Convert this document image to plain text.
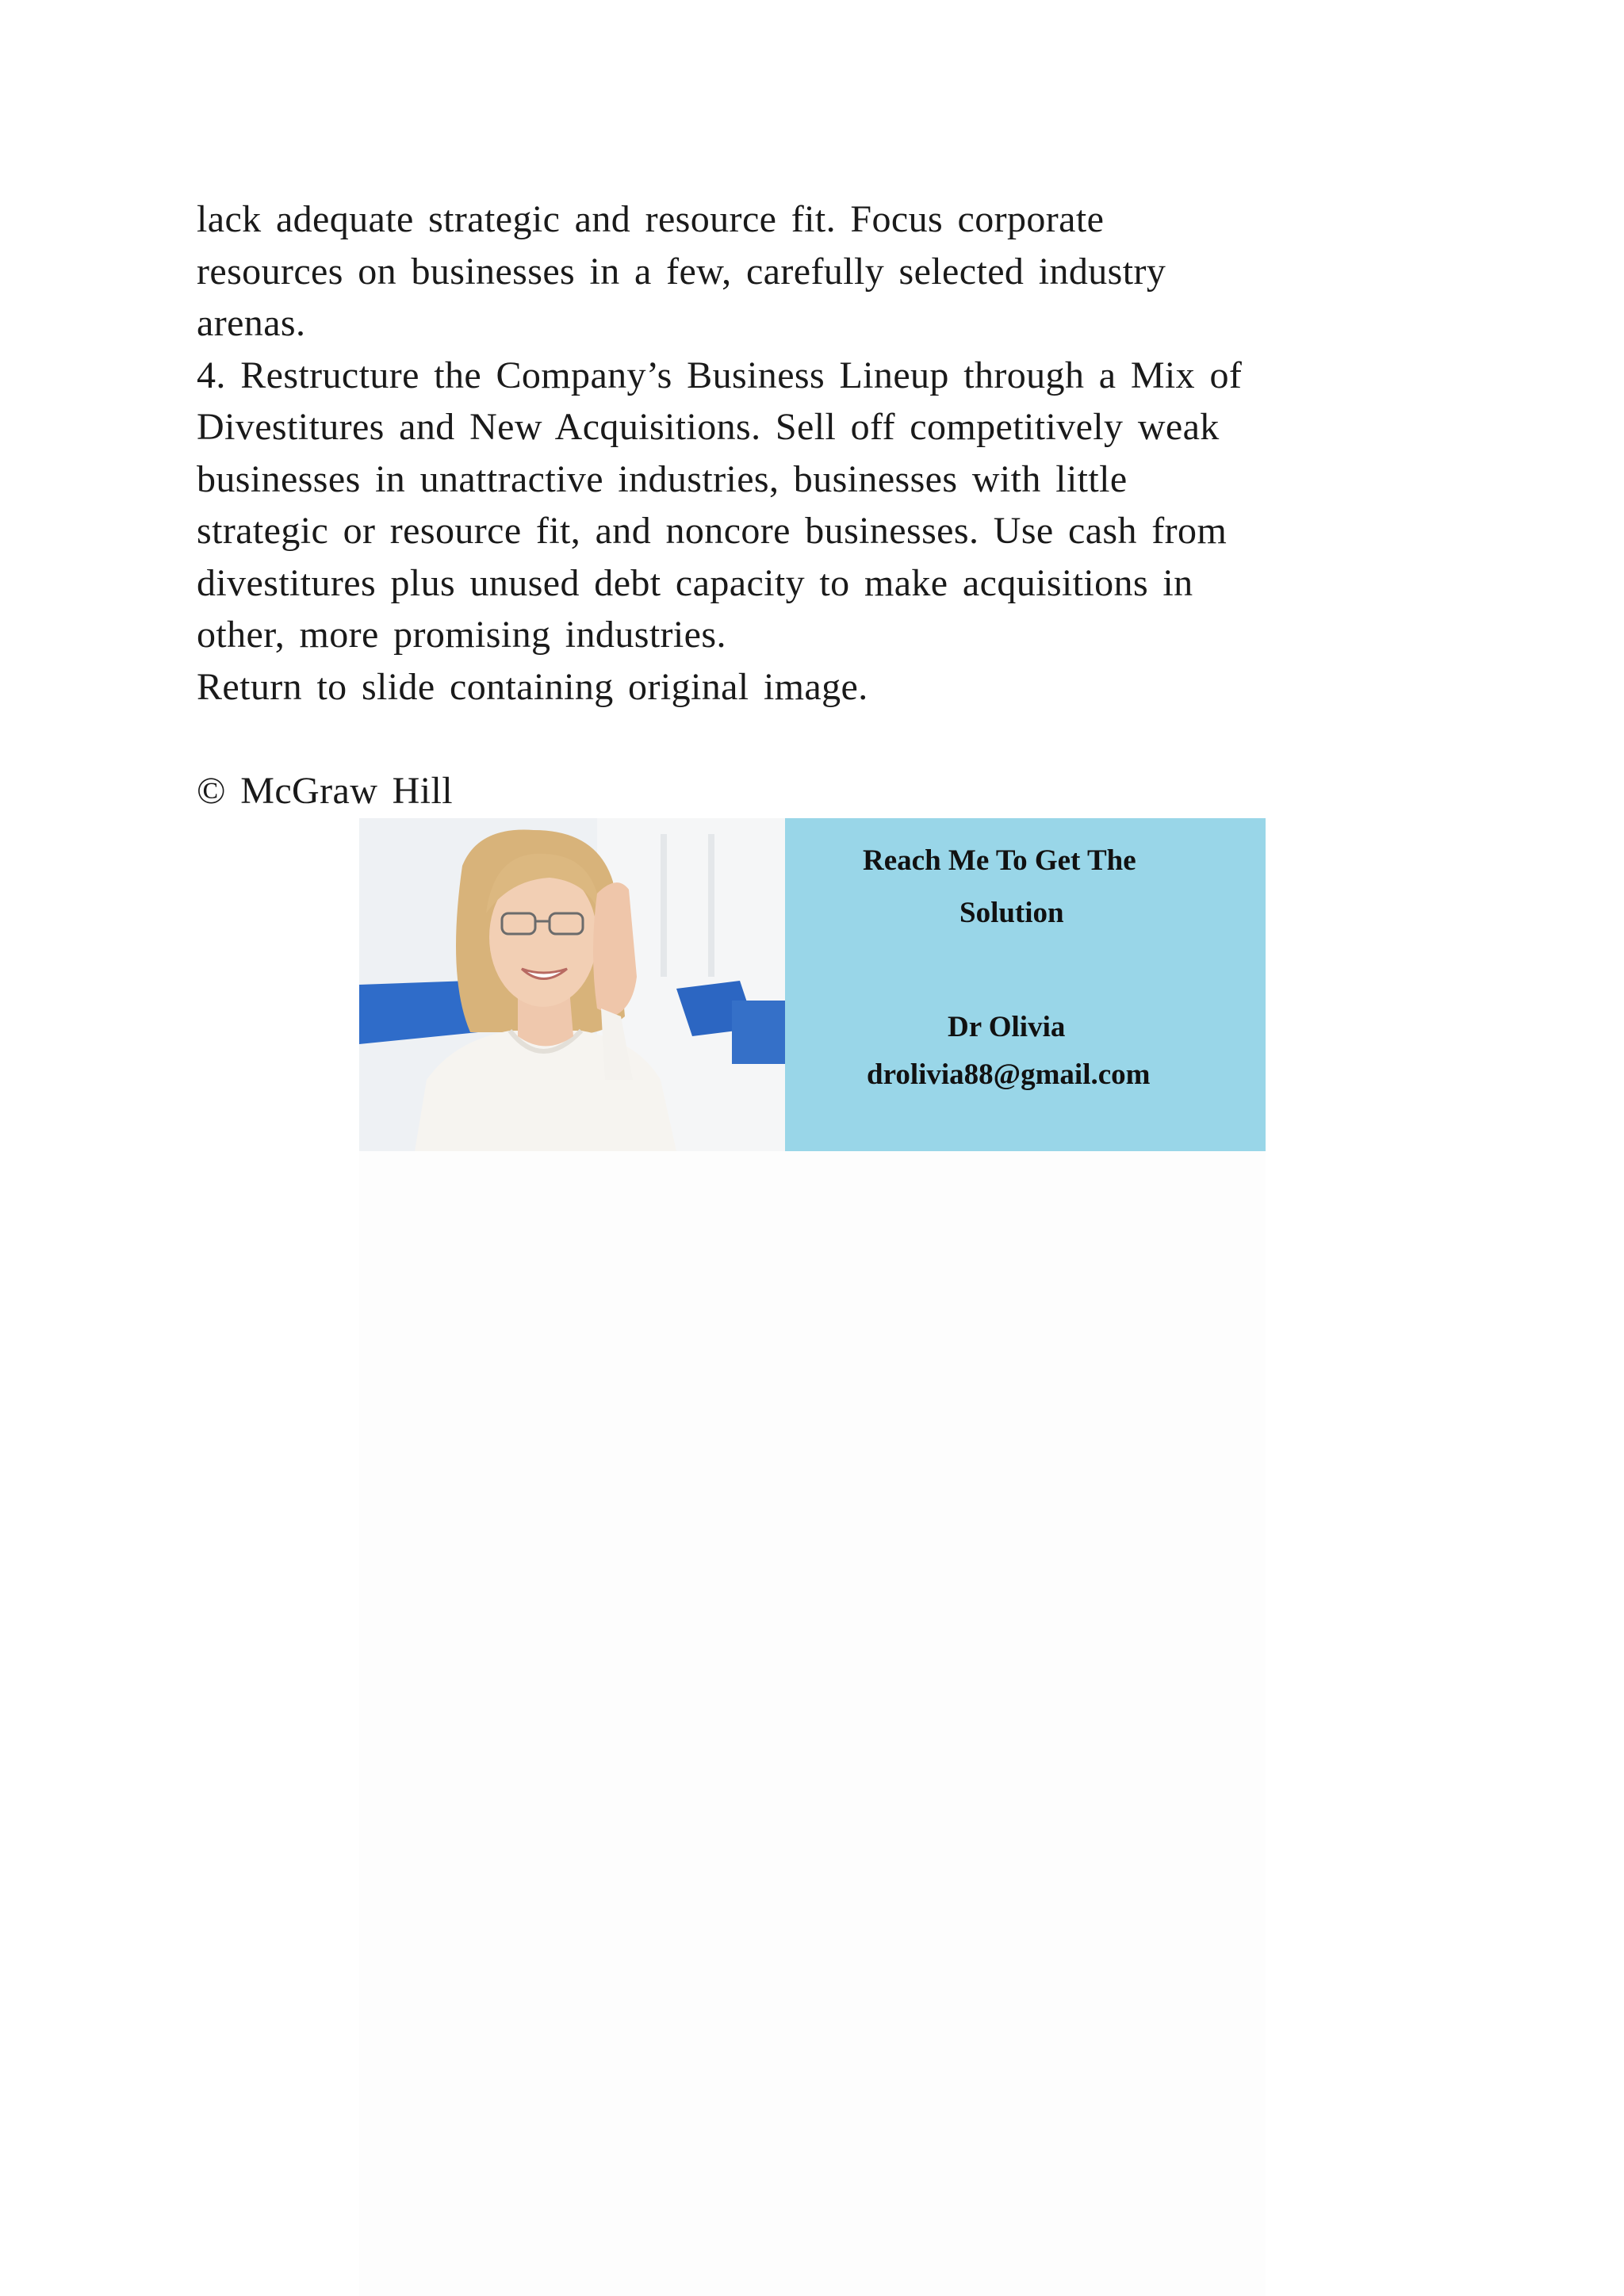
lack adequate strategic and resource fit. Focus corporate
resources on businesses in a few, carefully selected industry
arenas.
4. Restructure the Company’s Business Lineup through a Mix of
Divestitures and New Acquisitions. Sell off competitively weak
businesses in unattractive industries, businesses with little
strategic or resource fit, and noncore businesses. Use cash from
divestitures plus unused debt capacity to make acquisitions in
other, more promising industries.
Return to slide containing original image.
© McGraw Hill
Reach Me To Get The
Solution
Dr Olivia
drolivia88@gmail.com
